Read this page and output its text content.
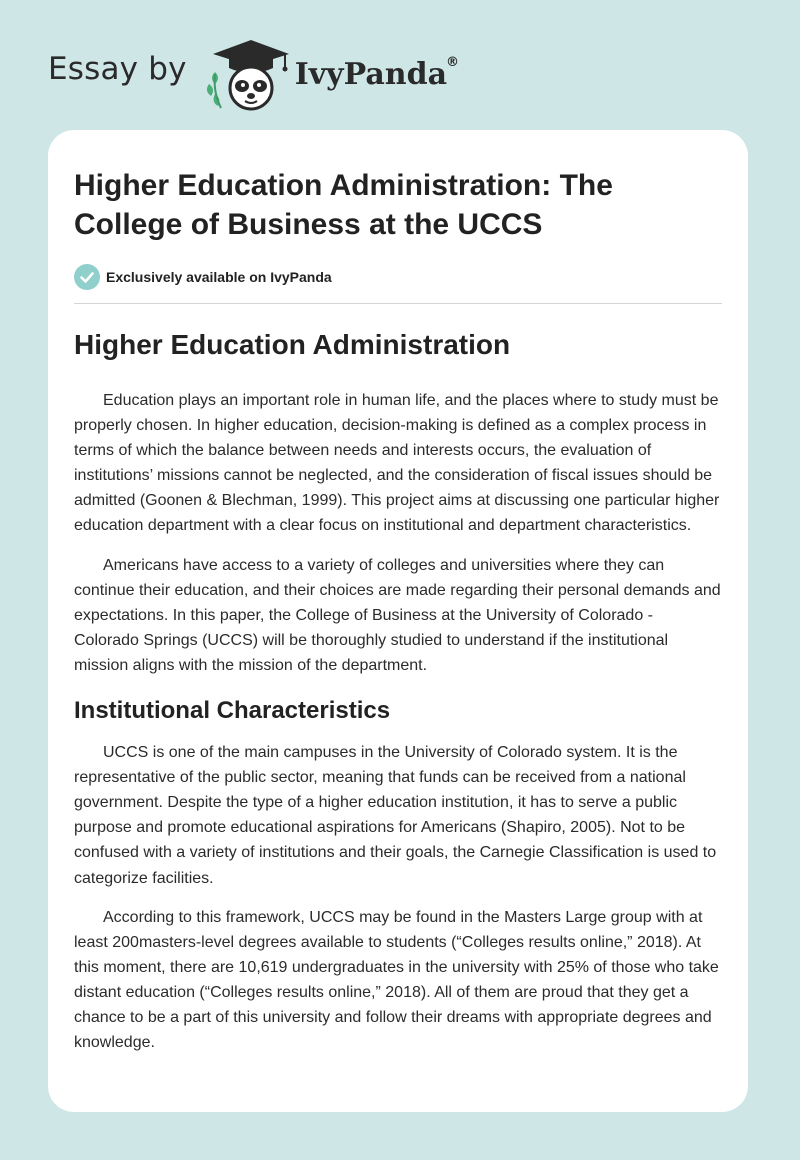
Essay by	IvyPanda ®
Higher Education Administration: The College of Business at the UCCS
Exclusively available on IvyPanda
Higher Education Administration

Education plays an important role in human life, and the places where to study must be properly chosen. In higher education, decision-making is defined as a complex process in terms of which the balance between needs and interests occurs, the evaluation of institutions’ missions cannot be neglected, and the consideration of fiscal issues should be admitted (Goonen & Blechman, 1999). This project aims at discussing one particular higher education department with a clear focus on institutional and department characteristics.

Americans have access to a variety of colleges and universities where they can continue their education, and their choices are made regarding their personal demands and expectations. In this paper, the College of Business at the University of Colorado - Colorado Springs (UCCS) will be thoroughly studied to understand if the institutional mission aligns with the mission of the department.

Institutional Characteristics

UCCS is one of the main campuses in the University of Colorado system. It is the representative of the public sector, meaning that funds can be received from a national government. Despite the type of a higher education institution, it has to serve a public purpose and promote educational aspirations for Americans (Shapiro, 2005). Not to be confused with a variety of institutions and their goals, the Carnegie Classification is used to categorize facilities.

According to this framework, UCCS may be found in the Masters Large group with at least 200masters-level degrees available to students (“Colleges results online,” 2018). At this moment, there are 10,619 undergraduates in the university with 25% of those who take distant education (“Colleges results online,” 2018). All of them are proud that they get a chance to be a part of this university and follow their dreams with appropriate degrees and knowledge.
